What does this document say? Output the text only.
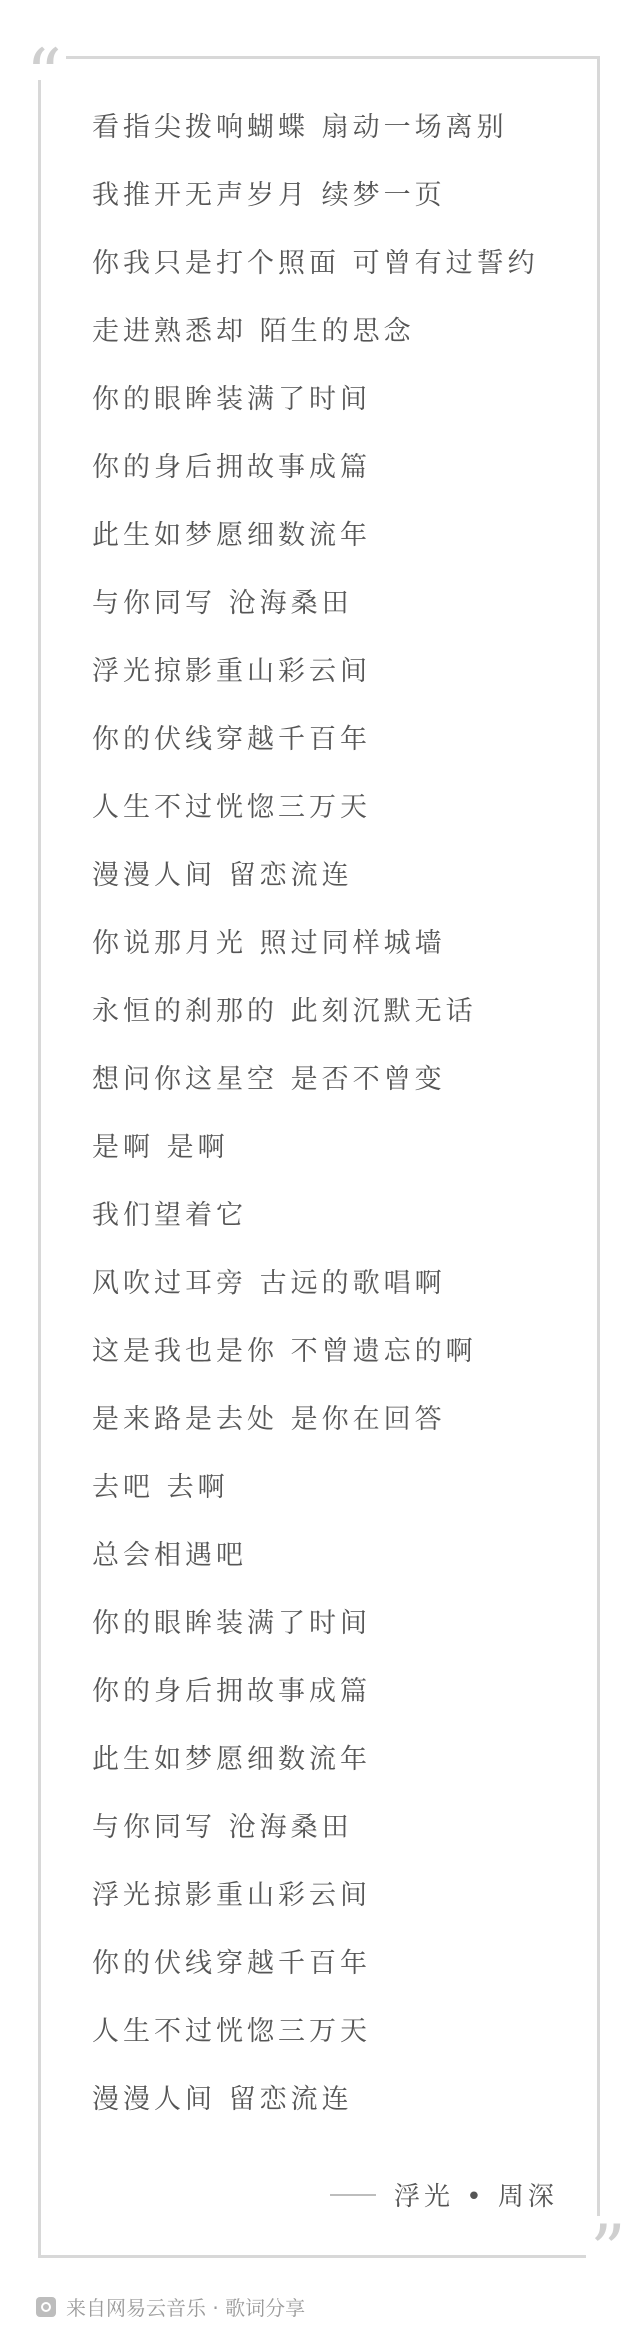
“
”
看指尖拨响蝴蝶 扇动一场离别
我推开无声岁月 续梦一页
你我只是打个照面 可曾有过誓约
走进熟悉却 陌生的思念
你的眼眸装满了时间
你的身后拥故事成篇
此生如梦愿细数流年
与你同写 沧海桑田
浮光掠影重山彩云间
你的伏线穿越千百年
人生不过恍惚三万天
漫漫人间 留恋流连
你说那月光 照过同样城墙
永恒的刹那的 此刻沉默无话
想问你这星空 是否不曾变
是啊 是啊
我们望着它
风吹过耳旁 古远的歌唱啊
这是我也是你 不曾遗忘的啊
是来路是去处 是你在回答
去吧 去啊
总会相遇吧
你的眼眸装满了时间
你的身后拥故事成篇
此生如梦愿细数流年
与你同写 沧海桑田
浮光掠影重山彩云间
你的伏线穿越千百年
人生不过恍惚三万天
漫漫人间 留恋流连
浮光 • 周深
来自网易云音乐 · 歌词分享
